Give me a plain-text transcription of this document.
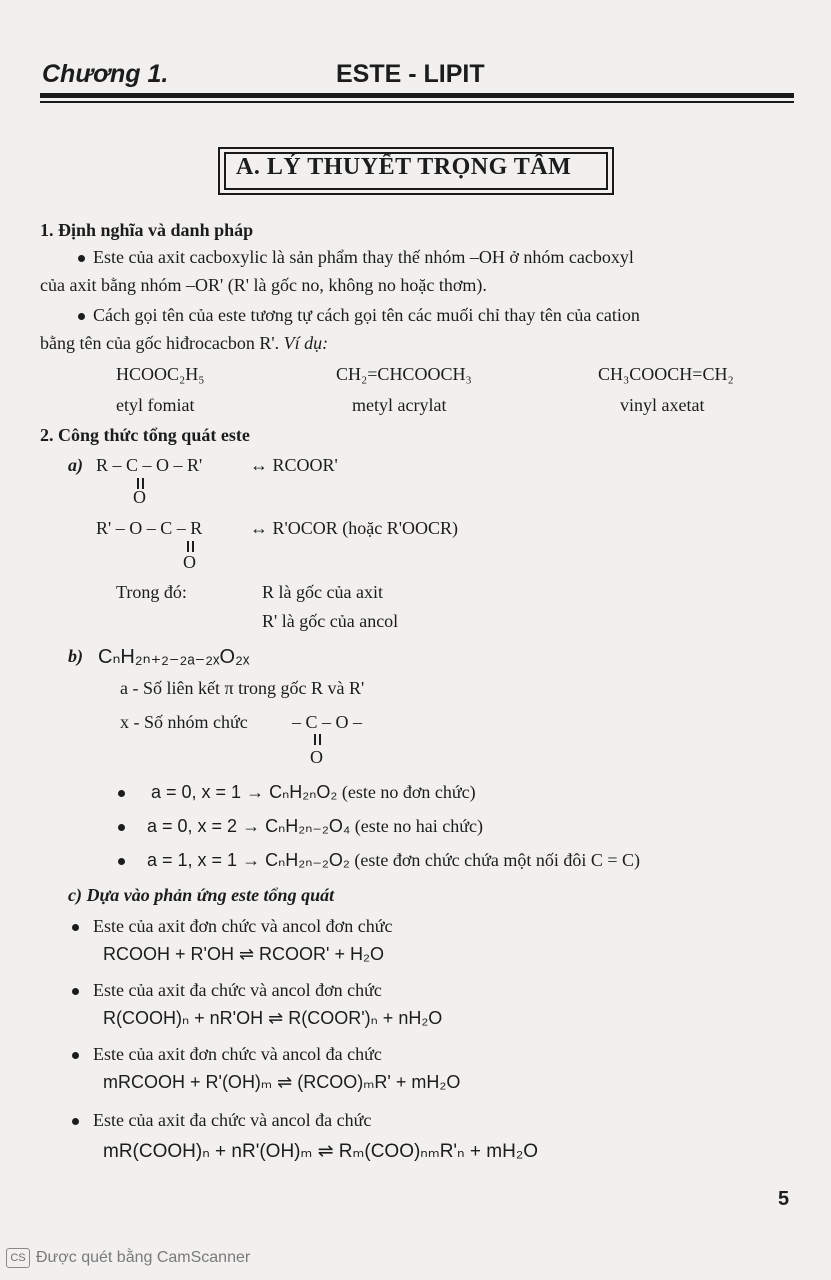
Chương 1.	ESTE - LIPIT
A. LÝ THUYẾT TRỌNG TÂM
1. Định nghĩa và danh pháp
Este của axit cacboxylic là sản phẩm thay thế nhóm –OH ở nhóm cacboxyl
của axit bằng nhóm –OR' (R' là gốc no, không no hoặc thơm).
Cách gọi tên của este tương tự cách gọi tên các muối chỉ thay tên của cation
bằng tên của gốc hiđrocacbon R'. Ví dụ:
HCOOC₂H₅	CH₂=CHCOOCH₃	CH₃COOCH=CH₂
etyl fomiat	metyl acrylat	vinyl axetat
2. Công thức tổng quát este
a) R – C – O – R'	↔ RCOOR'
O
R' – O – C – R	↔ R'OCOR (hoặc R'OOCR)
O
Trong đó:	R là gốc của axit
R' là gốc của ancol
b) CₙH₂ₙ₊₂₋₂ₐ₋₂ₓO₂ₓ
a - Số liên kết π trong gốc R và R'
x - Số nhóm chức – C – O –
O
a = 0, x = 1 → CₙH₂ₙO₂ (este no đơn chức)
a = 0, x = 2 → CₙH₂ₙ₋₂O₄ (este no hai chức)
a = 1, x = 1 → CₙH₂ₙ₋₂O₂ (este đơn chức chứa một nối đôi C = C)
c) Dựa vào phản ứng este tổng quát
Este của axit đơn chức và ancol đơn chức
RCOOH + R'OH ⇌ RCOOR' + H₂O
Este của axit đa chức và ancol đơn chức
R(COOH)ₙ + nR'OH ⇌ R(COOR')ₙ + nH₂O
Este của axit đơn chức và ancol đa chức
mRCOOH + R'(OH)ₘ ⇌ (RCOO)ₘR' + mH₂O
Este của axit đa chức và ancol đa chức
mR(COOH)ₙ + nR'(OH)ₘ ⇌ Rₘ(COO)ₙₘR'ₙ + mH₂O
5
CS Được quét bằng CamScanner
